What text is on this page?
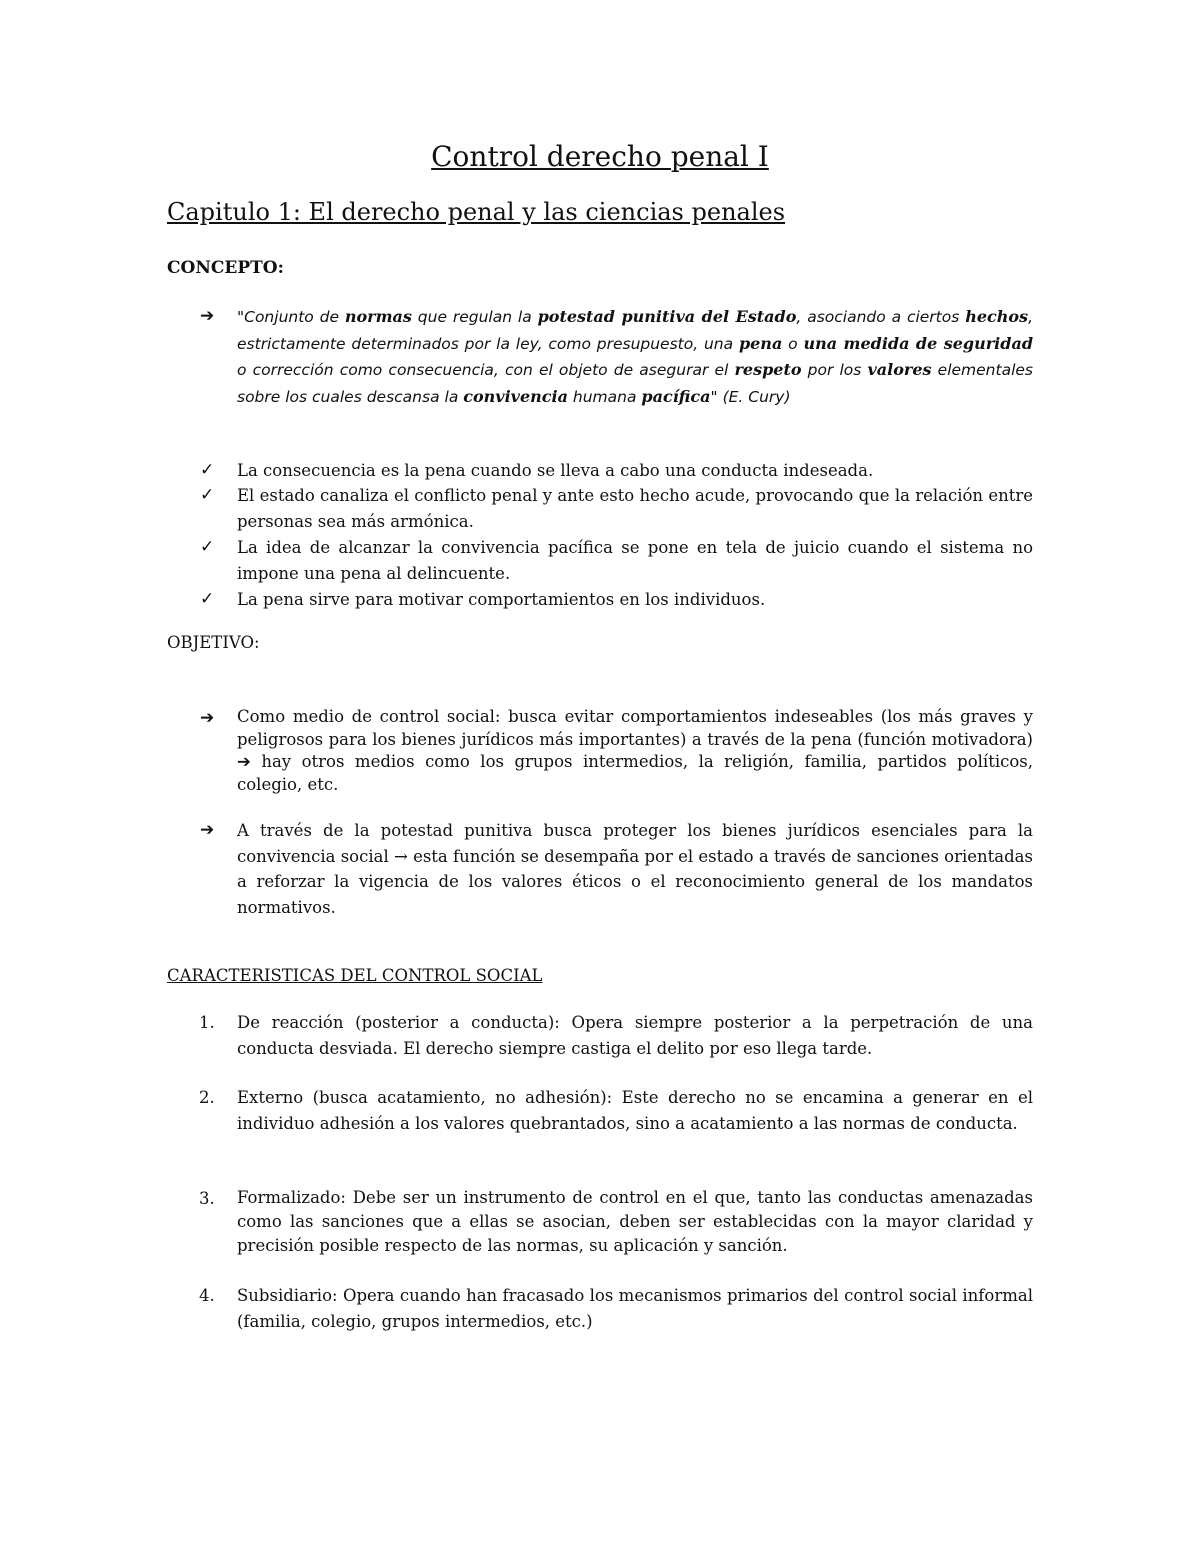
Control derecho penal I
Capitulo 1: El derecho penal y las ciencias penales
CONCEPTO:
➔ "Conjunto de normas que regulan la potestad punitiva del Estado, asociando a ciertos hechos, estrictamente determinados por la ley, como presupuesto, una pena o una medida de seguridad o corrección como consecuencia, con el objeto de asegurar el respeto por los valores elementales sobre los cuales descansa la convivencia humana pacífica" (E. Cury)
✓ La consecuencia es la pena cuando se lleva a cabo una conducta indeseada.
✓ El estado canaliza el conflicto penal y ante esto hecho acude, provocando que la relación entre personas sea más armónica.
✓ La idea de alcanzar la convivencia pacífica se pone en tela de juicio cuando el sistema no impone una pena al delincuente.
✓ La pena sirve para motivar comportamientos en los individuos.
OBJETIVO:
➔ Como medio de control social: busca evitar comportamientos indeseables (los más graves y peligrosos para los bienes jurídicos más importantes) a través de la pena (función motivadora) ➔ hay otros medios como los grupos intermedios, la religión, familia, partidos políticos, colegio, etc.
➔ A través de la potestad punitiva busca proteger los bienes jurídicos esenciales para la convivencia social → esta función se desempaña por el estado a través de sanciones orientadas a reforzar la vigencia de los valores éticos o el reconocimiento general de los mandatos normativos.
CARACTERISTICAS DEL CONTROL SOCIAL
1. De reacción (posterior a conducta): Opera siempre posterior a la perpetración de una conducta desviada. El derecho siempre castiga el delito por eso llega tarde.
2. Externo (busca acatamiento, no adhesión): Este derecho no se encamina a generar en el individuo adhesión a los valores quebrantados, sino a acatamiento a las normas de conducta.
3. Formalizado: Debe ser un instrumento de control en el que, tanto las conductas amenazadas como las sanciones que a ellas se asocian, deben ser establecidas con la mayor claridad y precisión posible respecto de las normas, su aplicación y sanción.
4. Subsidiario: Opera cuando han fracasado los mecanismos primarios del control social informal (familia, colegio, grupos intermedios, etc.)
